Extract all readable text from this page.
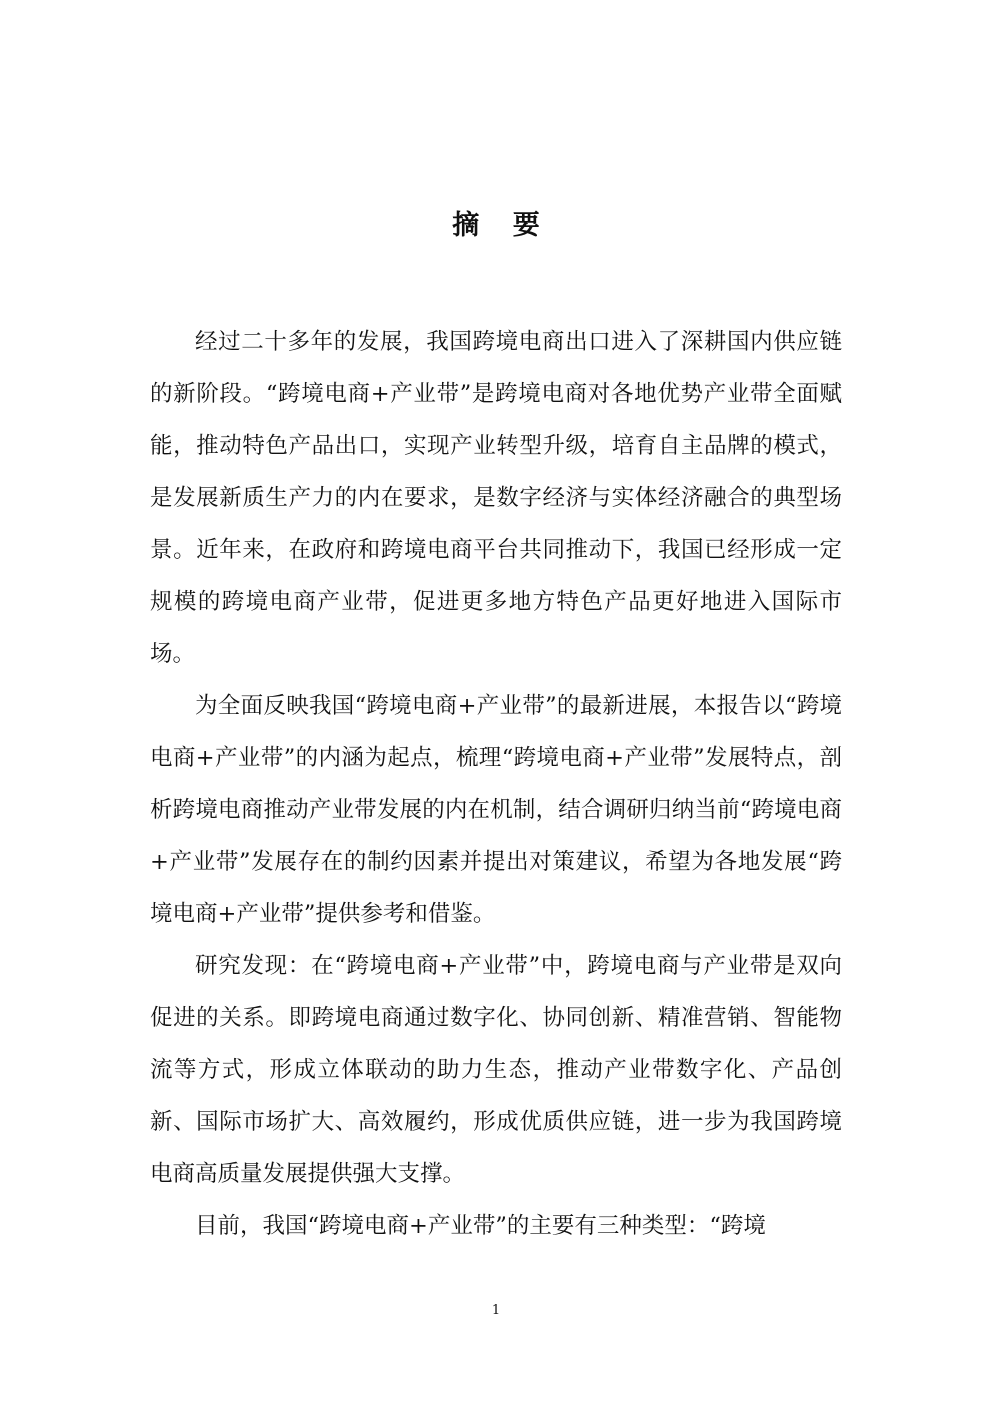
摘 要

经过二十多年的发展，我国跨境电商出口进入了深耕国内供应链的新阶段。“跨境电商+产业带”是跨境电商对各地优势产业带全面赋能，推动特色产品出口，实现产业转型升级，培育自主品牌的模式，是发展新质生产力的内在要求，是数字经济与实体经济融合的典型场景。近年来，在政府和跨境电商平台共同推动下，我国已经形成一定规模的跨境电商产业带，促进更多地方特色产品更好地进入国际市场。

为全面反映我国“跨境电商+产业带”的最新进展，本报告以“跨境电商+产业带”的内涵为起点，梳理“跨境电商+产业带”发展特点，剖析跨境电商推动产业带发展的内在机制，结合调研归纳当前“跨境电商+产业带”发展存在的制约因素并提出对策建议，希望为各地发展“跨境电商+产业带”提供参考和借鉴。

研究发现：在“跨境电商+产业带”中，跨境电商与产业带是双向促进的关系。即跨境电商通过数字化、协同创新、精准营销、智能物流等方式，形成立体联动的助力生态，推动产业带数字化、产品创新、国际市场扩大、高效履约，形成优质供应链，进一步为我国跨境电商高质量发展提供强大支撑。

目前，我国“跨境电商+产业带”的主要有三种类型：“跨境

1
